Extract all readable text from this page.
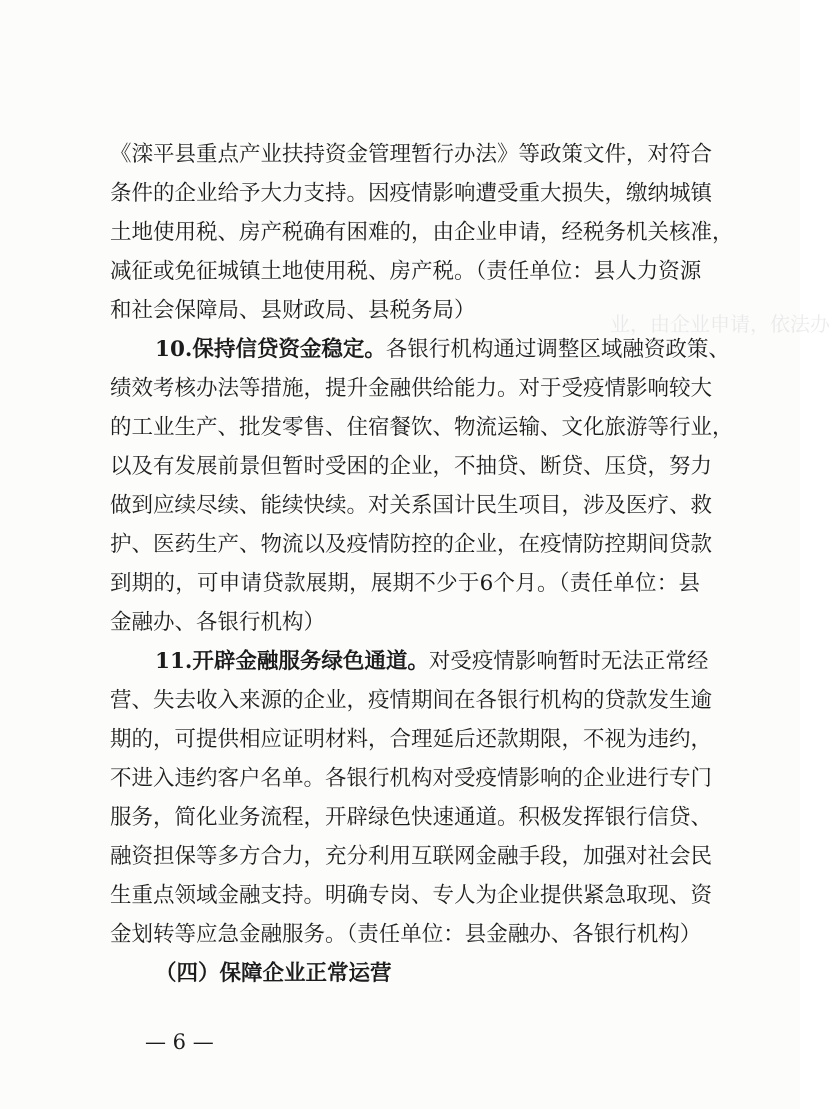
业，由企业申请，依法办
《滦平县重点产业扶持资金管理暂行办法》等政策文件，对符合
条件的企业给予大力支持。因疫情影响遭受重大损失，缴纳城镇
土地使用税、房产税确有困难的，由企业申请，经税务机关核准，
减征或免征城镇土地使用税、房产税。（责任单位：县人力资源
和社会保障局、县财政局、县税务局）
10.保持信贷资金稳定。各银行机构通过调整区域融资政策、
绩效考核办法等措施，提升金融供给能力。对于受疫情影响较大
的工业生产、批发零售、住宿餐饮、物流运输、文化旅游等行业，
以及有发展前景但暂时受困的企业，不抽贷、断贷、压贷，努力
做到应续尽续、能续快续。对关系国计民生项目，涉及医疗、救
护、医药生产、物流以及疫情防控的企业，在疫情防控期间贷款
到期的，可申请贷款展期，展期不少于6个月。（责任单位：县
金融办、各银行机构）
11.开辟金融服务绿色通道。对受疫情影响暂时无法正常经
营、失去收入来源的企业，疫情期间在各银行机构的贷款发生逾
期的，可提供相应证明材料，合理延后还款期限，不视为违约，
不进入违约客户名单。各银行机构对受疫情影响的企业进行专门
服务，简化业务流程，开辟绿色快速通道。积极发挥银行信贷、
融资担保等多方合力，充分利用互联网金融手段，加强对社会民
生重点领域金融支持。明确专岗、专人为企业提供紧急取现、资
金划转等应急金融服务。（责任单位：县金融办、各银行机构）
（四）保障企业正常运营
— 6 —
